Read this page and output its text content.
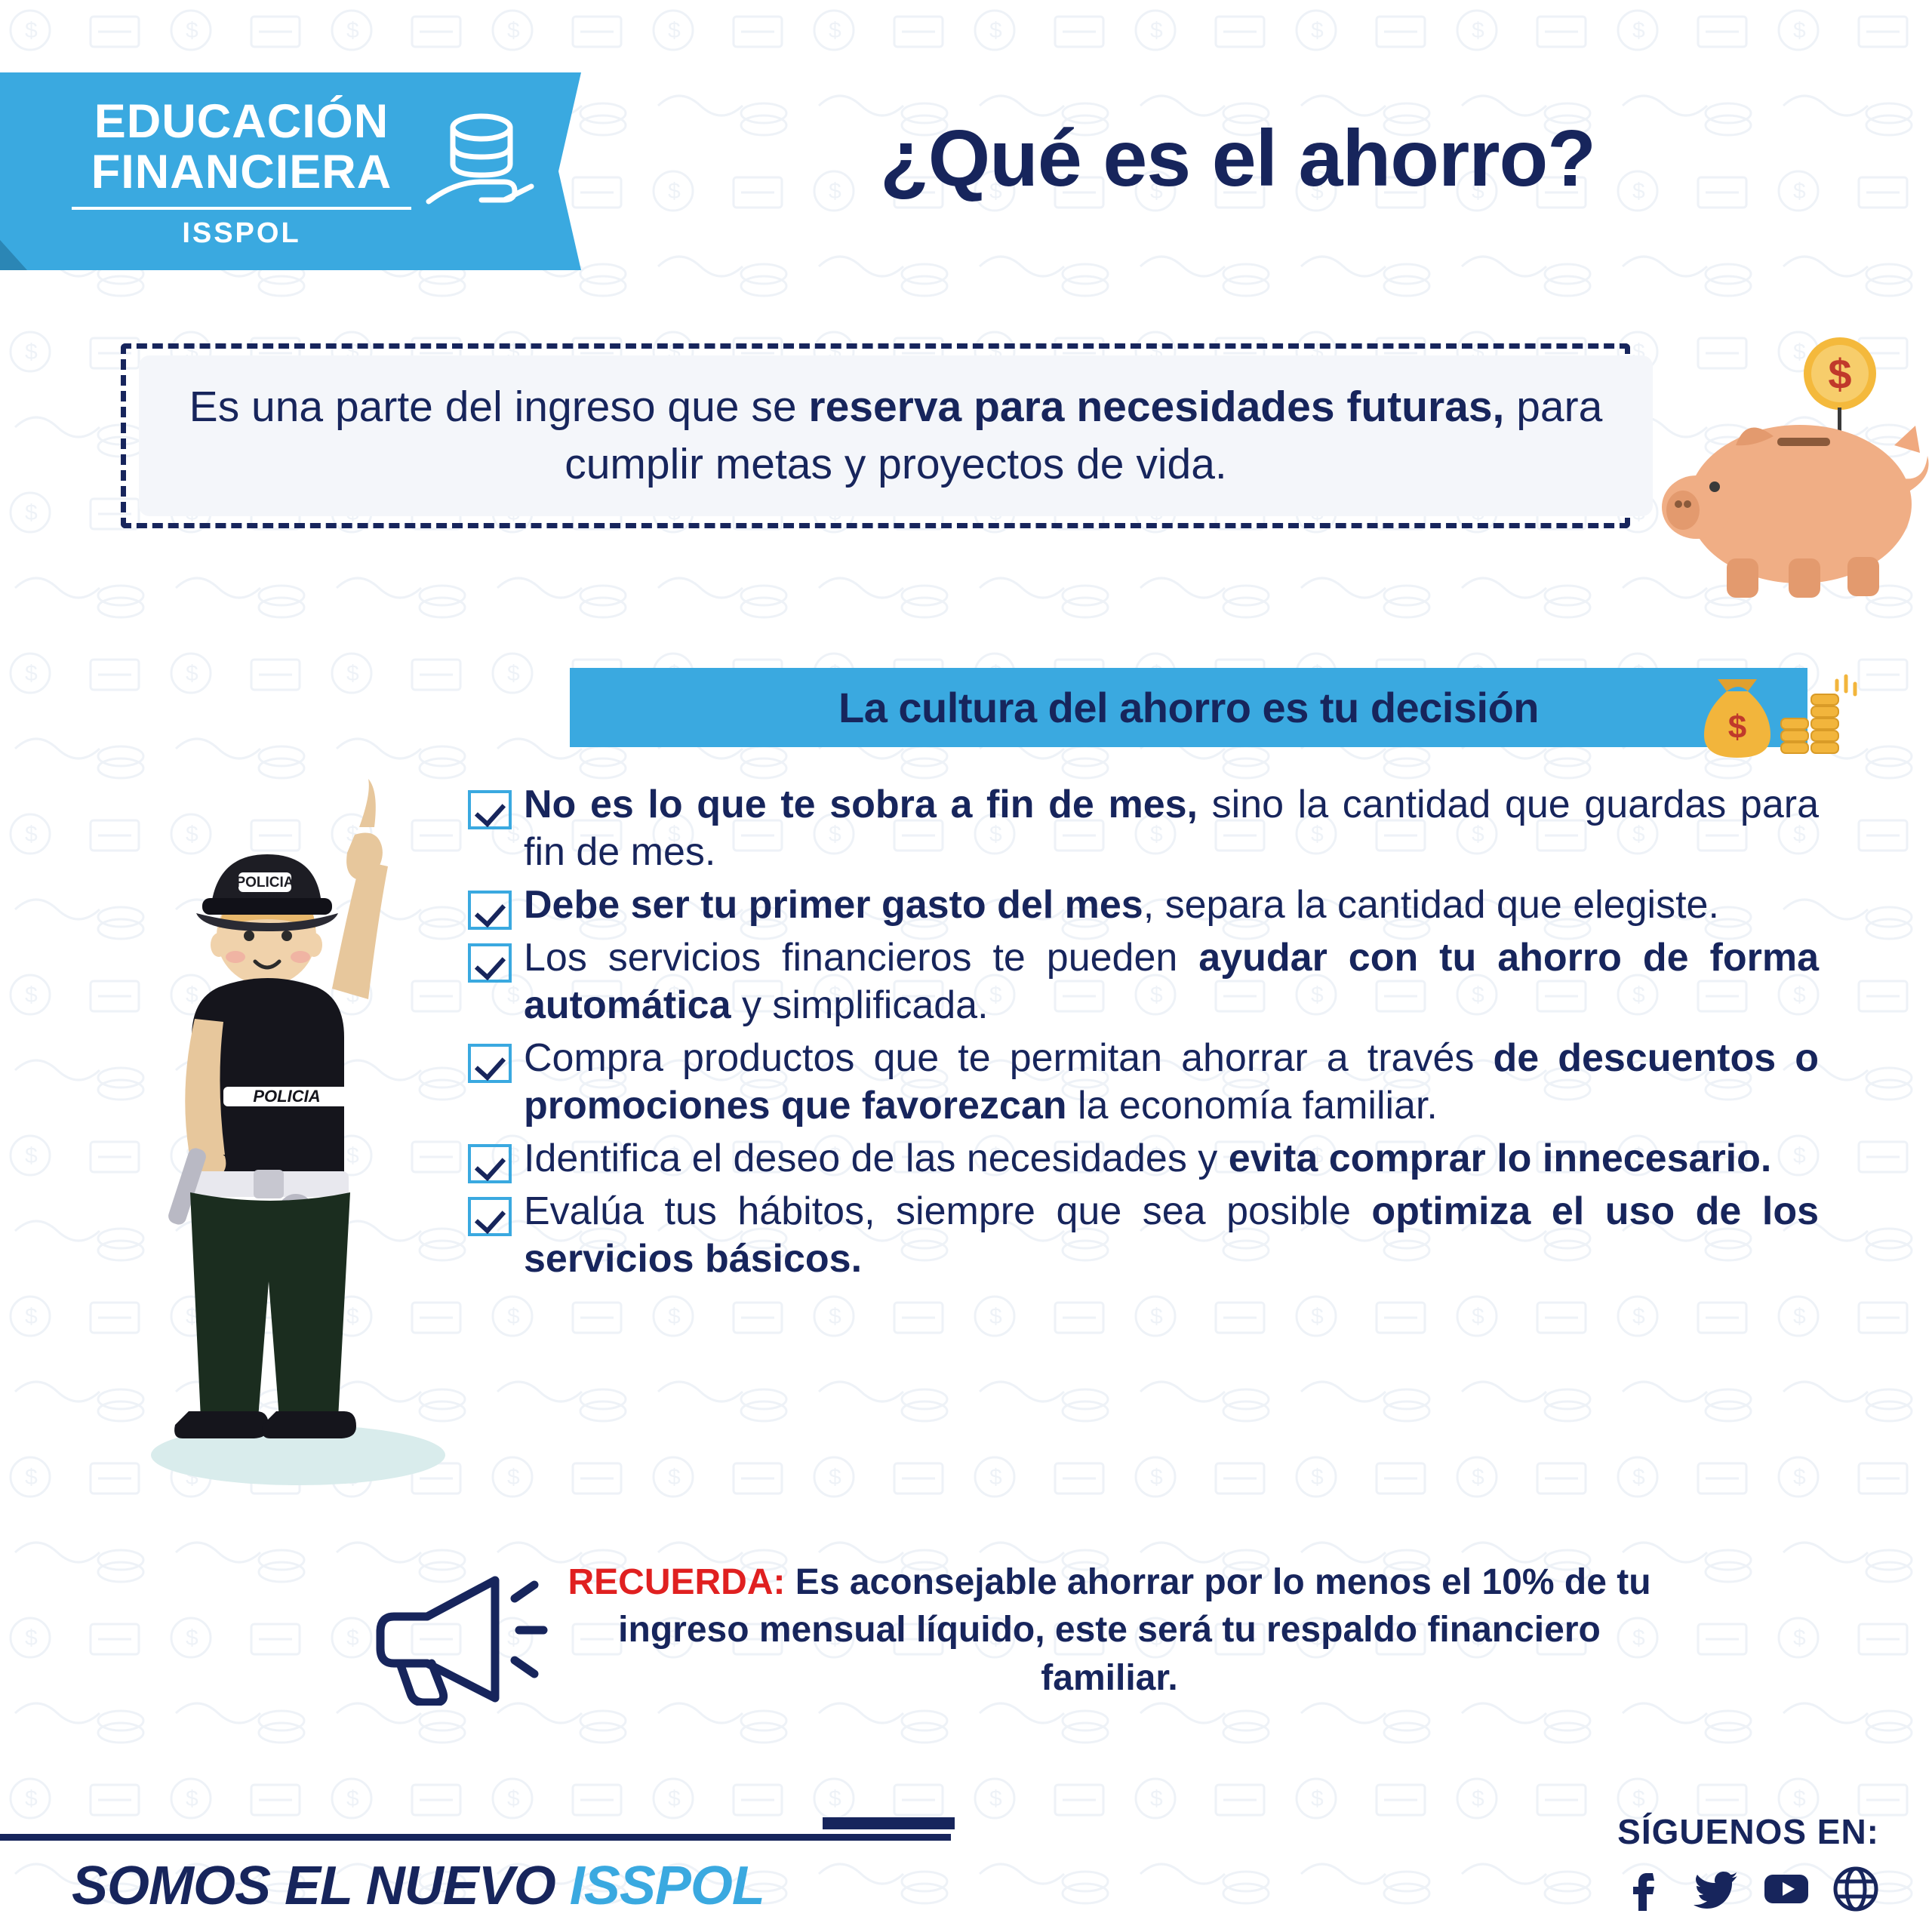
EDUCACIÓN
FINANCIERA
ISSPOL
¿Qué es el ahorro?
Es una parte del ingreso que se reserva para necesidades futuras, para cumplir metas y proyectos de vida.
$
La cultura del ahorro es tu decisión	$
POLICIA
NACIONAL
POLICIA
No es lo que te sobra a fin de mes, sino la cantidad que guardas para fin de mes.
Debe ser tu primer gasto del mes, separa la cantidad que elegiste.
Los servicios financieros te pueden ayudar con tu ahorro de forma automática y simplificada.
Compra productos que te permitan ahorrar a través de descuentos o promociones que favorezcan la economía familiar.
Identifica el deseo de las necesidades y evita comprar lo innecesario.
Evalúa tus hábitos, siempre que sea posible optimiza el uso de los servicios básicos.
RECUERDA: Es aconsejable ahorrar por lo menos el 10% de tu ingreso mensual líquido, este será tu respaldo financiero familiar.
SOMOS EL NUEVO ISSPOL
SÍGUENOS EN:
